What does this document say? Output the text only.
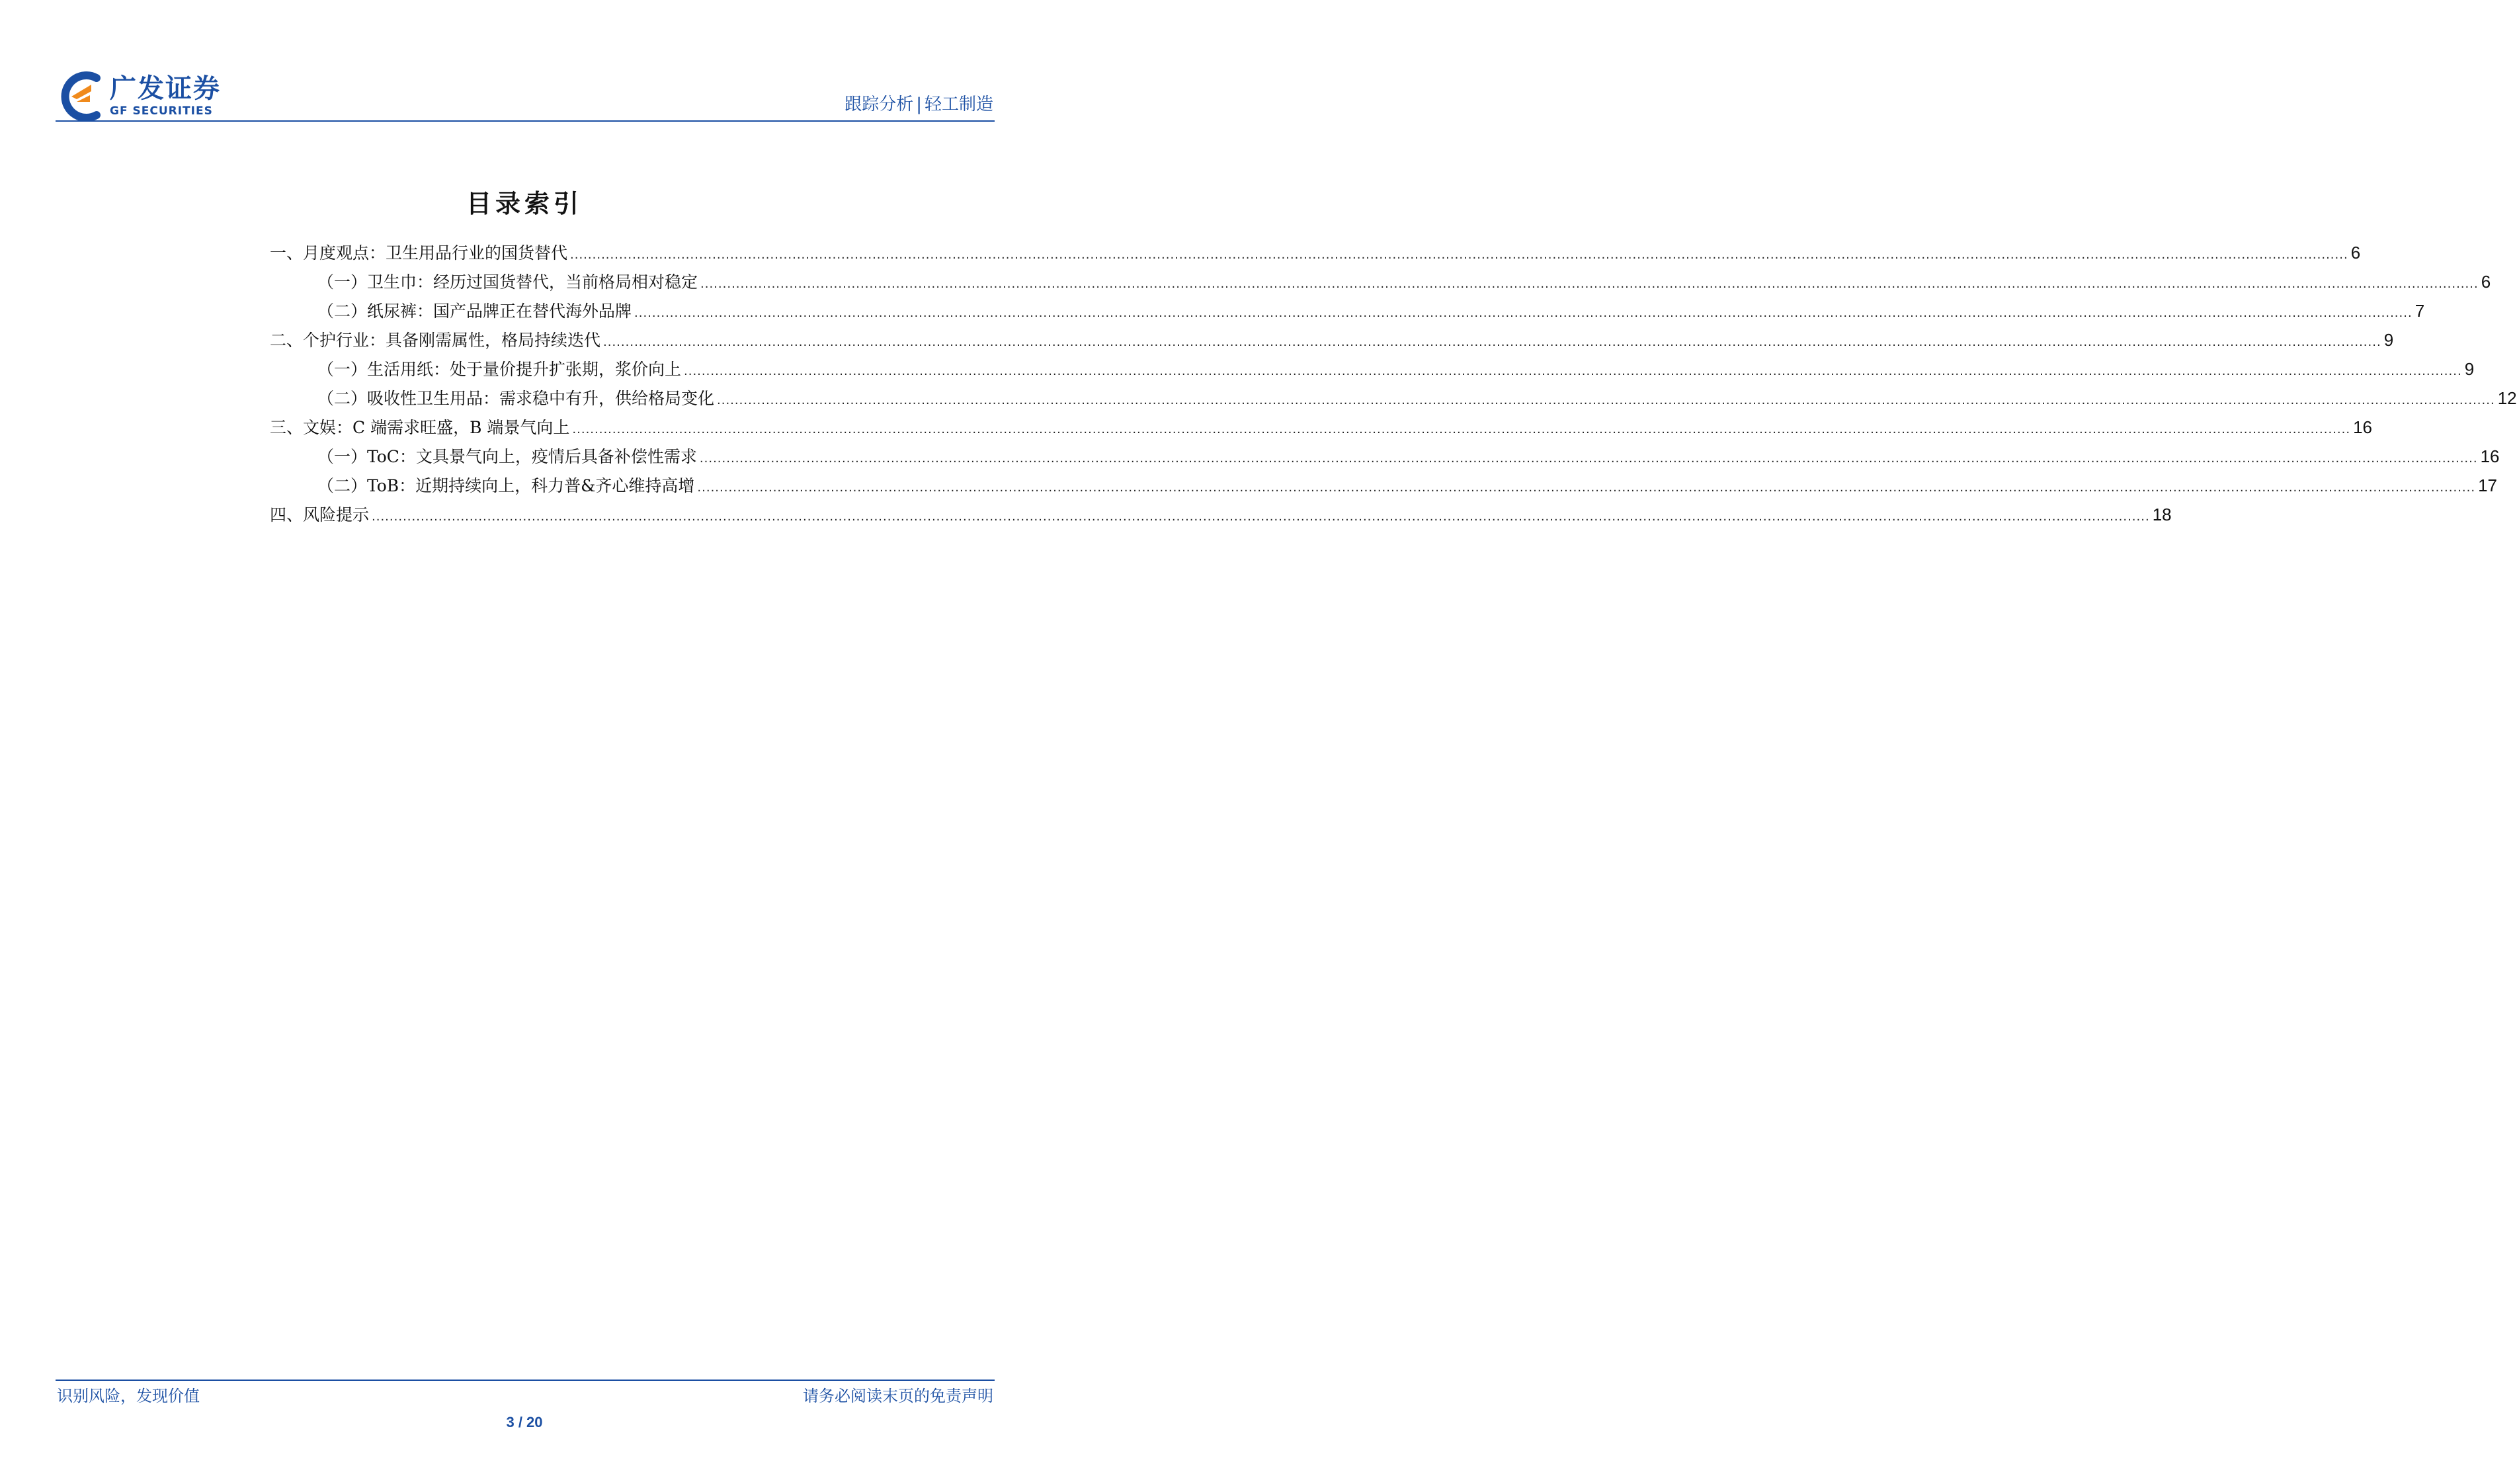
广发证券
GF SECURITIES	跟踪分析 | 轻工制造
目录索引
一、月度观点：卫生用品行业的国货替代 ................................................................................................................................................................................................................................................................................................................................................................................................................ 6
（一）卫生巾：经历过国货替代，当前格局相对稳定 ................................................................................................................................................................................................................................................................................................................................................................................................................ 6
（二）纸尿裤：国产品牌正在替代海外品牌 ................................................................................................................................................................................................................................................................................................................................................................................................................ 7
二、个护行业：具备刚需属性，格局持续迭代 ................................................................................................................................................................................................................................................................................................................................................................................................................ 9
（一）生活用纸：处于量价提升扩张期，浆价向上 ................................................................................................................................................................................................................................................................................................................................................................................................................ 9
（二）吸收性卫生用品：需求稳中有升，供给格局变化 ................................................................................................................................................................................................................................................................................................................................................................................................................ 12
三、文娱：C 端需求旺盛，B 端景气向上 ................................................................................................................................................................................................................................................................................................................................................................................................................ 16
（一）ToC：文具景气向上，疫情后具备补偿性需求 ................................................................................................................................................................................................................................................................................................................................................................................................................ 16
（二）ToB：近期持续向上，科力普&齐心维持高增 ................................................................................................................................................................................................................................................................................................................................................................................................................ 17
四、风险提示 ................................................................................................................................................................................................................................................................................................................................................................................................................ 18
识别风险，发现价值	请务必阅读末页的免责声明
3 / 20
